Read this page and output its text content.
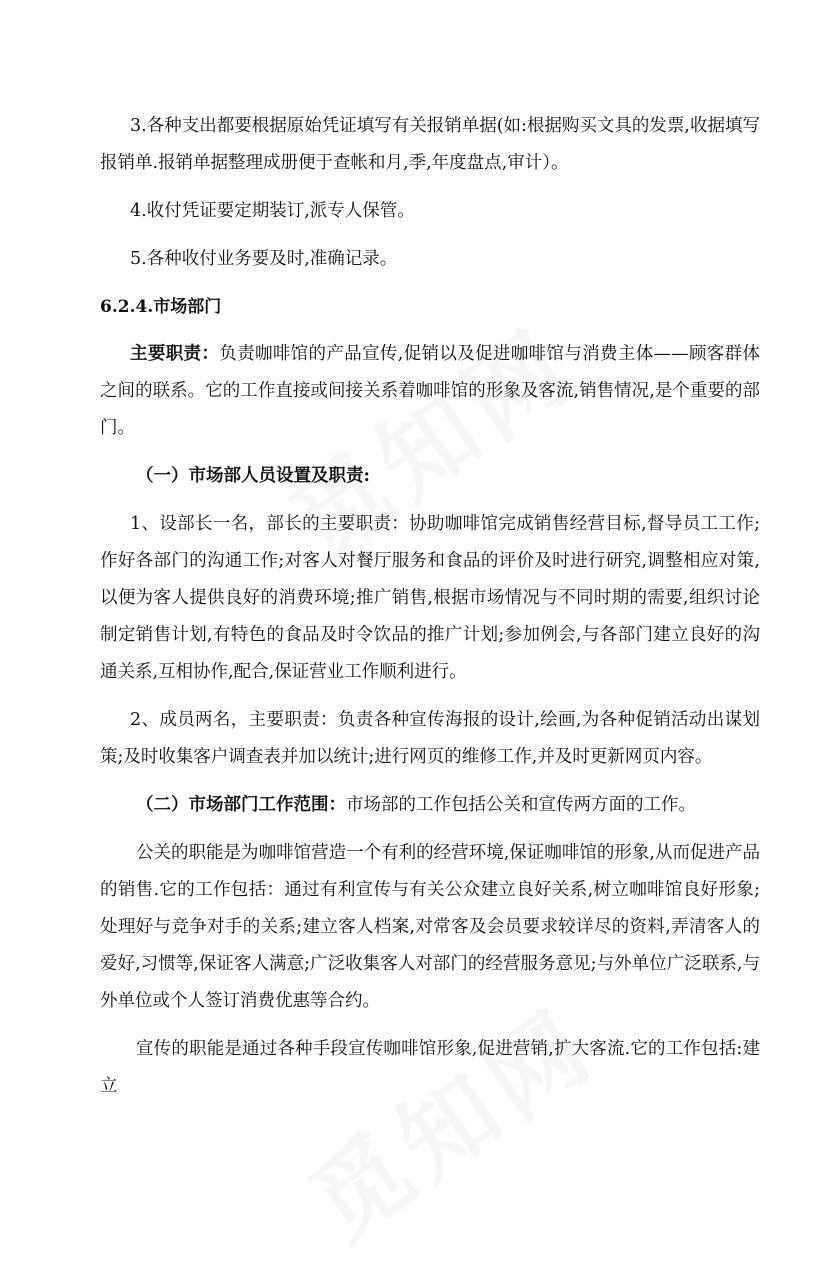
3.各种支出都要根据原始凭证填写有关报销单据(如:根据购买文具的发票,收据填写报销单.报销单据整理成册便于查帐和月,季,年度盘点,审计）。

4.收付凭证要定期装订,派专人保管。

5.各种收付业务要及时,准确记录。

6.2.4.市场部门

主要职责：负责咖啡馆的产品宣传,促销以及促进咖啡馆与消费主体——顾客群体之间的联系。它的工作直接或间接关系着咖啡馆的形象及客流,销售情况,是个重要的部门。

（一）市场部人员设置及职责:

1、设部长一名，部长的主要职责：协助咖啡馆完成销售经营目标,督导员工工作;作好各部门的沟通工作;对客人对餐厅服务和食品的评价及时进行研究,调整相应对策,以便为客人提供良好的消费环境;推广销售,根据市场情况与不同时期的需要,组织讨论制定销售计划,有特色的食品及时令饮品的推广计划;参加例会,与各部门建立良好的沟通关系,互相协作,配合,保证营业工作顺利进行。

2、成员两名，主要职责：负责各种宣传海报的设计,绘画,为各种促销活动出谋划策;及时收集客户调查表并加以统计;进行网页的维修工作,并及时更新网页内容。

（二）市场部门工作范围：市场部的工作包括公关和宣传两方面的工作。

公关的职能是为咖啡馆营造一个有利的经营环境,保证咖啡馆的形象,从而促进产品的销售.它的工作包括：通过有利宣传与有关公众建立良好关系,树立咖啡馆良好形象;处理好与竞争对手的关系;建立客人档案,对常客及会员要求较详尽的资料,弄清客人的爱好,习惯等,保证客人满意;广泛收集客人对部门的经营服务意见;与外单位广泛联系,与外单位或个人签订消费优惠等合约。

宣传的职能是通过各种手段宣传咖啡馆形象,促进营销,扩大客流.它的工作包括:建立
